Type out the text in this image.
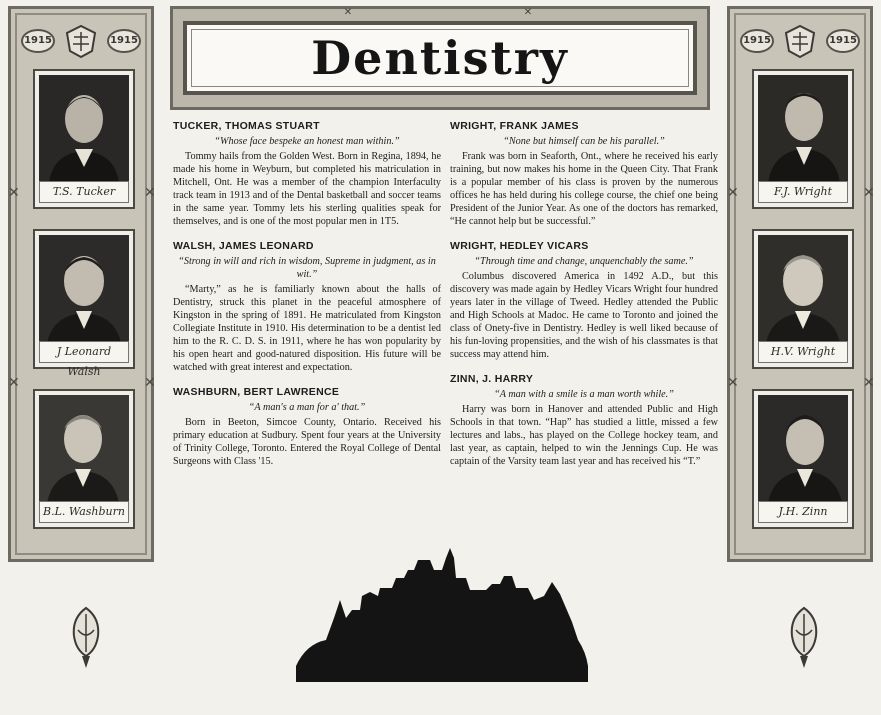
1915	1915
T.S. Tucker
J Leonard Walsh
B.L. Washburn
✕
✕
✕
✕
✕	✕
Dentistry

TUCKER, THOMAS STUART

“Whose face bespeke an honest man within.”

Tommy hails from the Golden West. Born in Regina, 1894, he made his home in Weyburn, but completed his matriculation in Mitchell, Ont. He was a member of the champion Interfaculty track team in 1913 and of the Dental basketball and soccer teams in the same year. Tommy lets his sterling qualities speak for themselves, and is one of the most popular men in 1T5.

WALSH, JAMES LEONARD

“Strong in will and rich in wisdom, Supreme in judgment, as in wit.”

“Marty,” as he is familiarly known about the halls of Dentistry, struck this planet in the peaceful atmosphere of Kingston in the spring of 1891. He matriculated from Kingston Collegiate Institute in 1910. His determination to be a dentist led him to the R. C. D. S. in 1911, where he has won popularity by his open heart and good-natured disposition. His future will be watched with great interest and expectation.

WASHBURN, BERT LAWRENCE

“A man's a man for a' that.”

Born in Beeton, Simcoe County, Ontario. Received his primary education at Sudbury. Spent four years at the University of Trinity College, Toronto. Entered the Royal College of Dental Surgeons with Class '15.

WRIGHT, FRANK JAMES

“None but himself can be his parallel.”

Frank was born in Seaforth, Ont., where he received his early training, but now makes his home in the Queen City. That Frank is a popular member of his class is proven by the numerous offices he has held during his college course, the chief one being President of the Junior Year. As one of the doctors has remarked, “He cannot help but be successful.”

WRIGHT, HEDLEY VICARS

“Through time and change, unquenchably the same.”

Columbus discovered America in 1492 A.D., but this discovery was made again by Hedley Vicars Wright four hundred years later in the village of Tweed. Hedley attended the Public and High Schools at Madoc. He came to Toronto and joined the class of Onety-five in Dentistry. Hedley is well liked because of his fun-loving propensities, and the wish of his classmates is that success may attend him.

ZINN, J. HARRY

“A man with a smile is a man worth while.”

Harry was born in Hanover and attended Public and High Schools in that town. “Hap” has studied a little, missed a few lectures and labs., has played on the College hockey team, and last year, as captain, helped to win the Jennings Cup. He was captain of the Varsity team last year and has received his “T.”

1915	1915
F.J. Wright
H.V. Wright
J.H. Zinn
✕
✕
✕
✕
